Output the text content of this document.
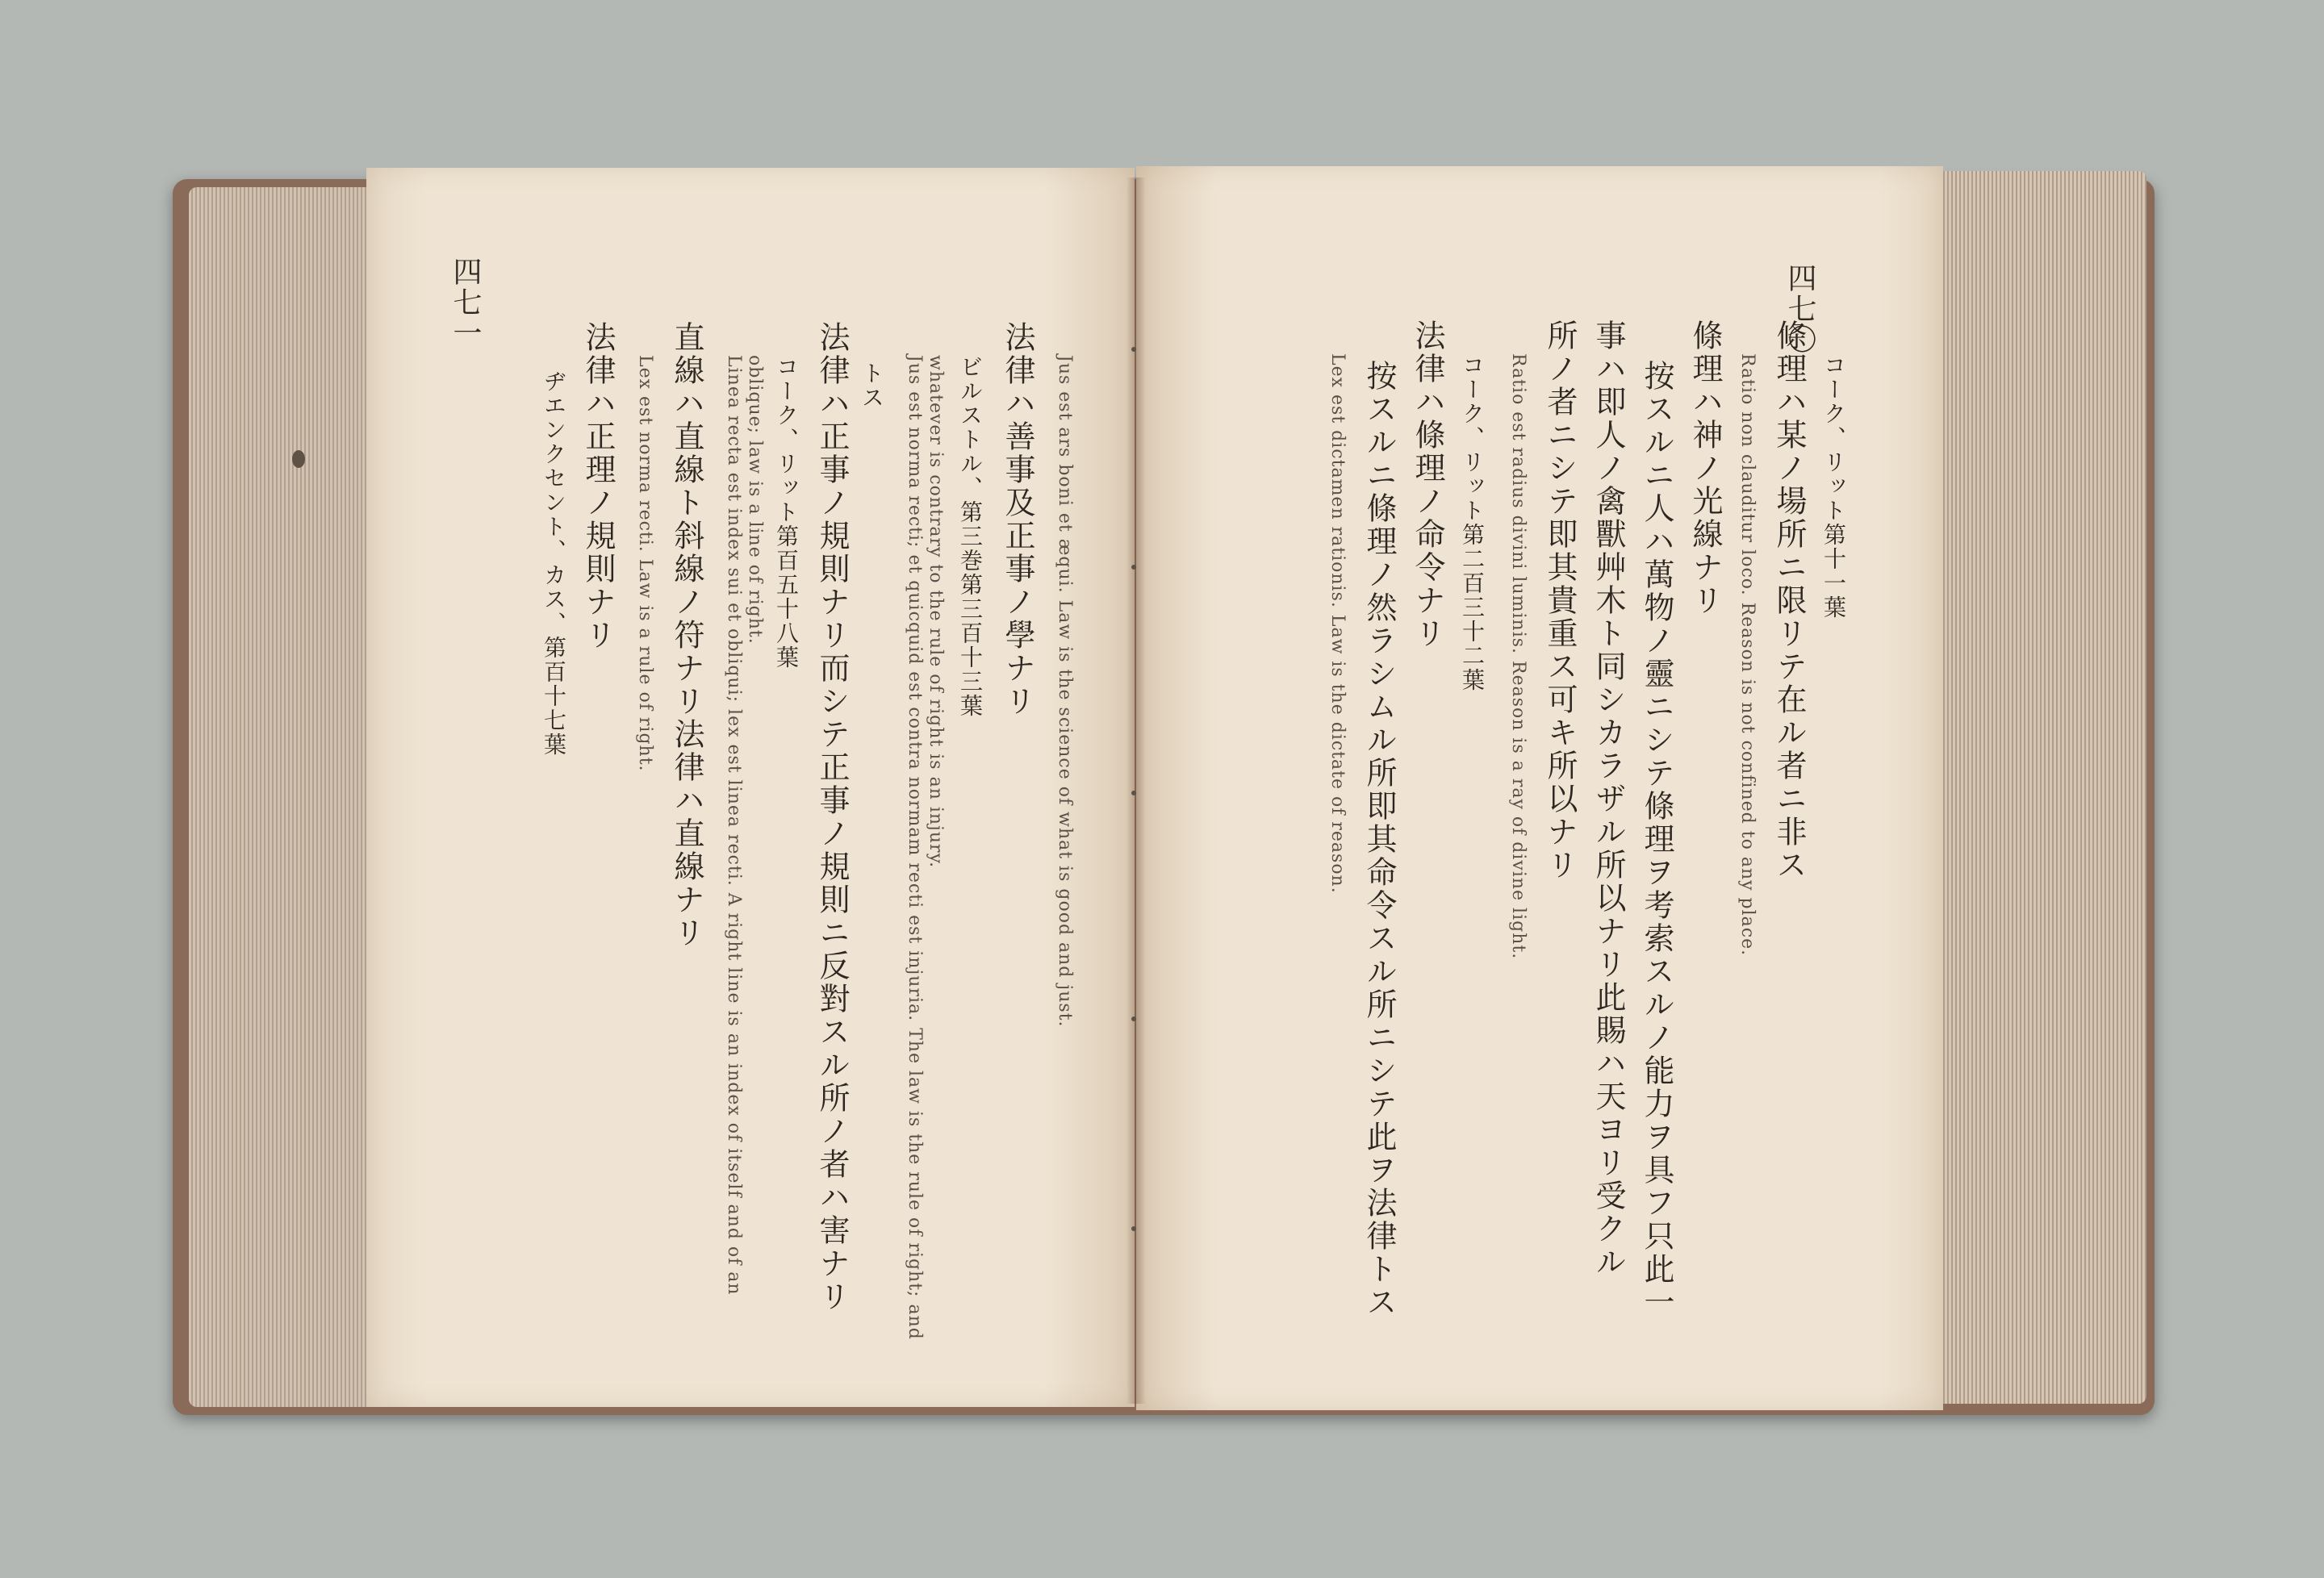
四七一
ヂエンクセント、カス、第百十七葉 法律ハ正理ノ規則ナリ Lex est norma recti. Law is a rule of right. 直線ハ直線ト斜線ノ符ナリ法律ハ直線ナリ Linea recta est index sui et obliqui; lex est linea recti. A right line is an index of itself and of an oblique; law is a line of right. コーク、リット第百五十八葉 法律ハ正事ノ規則ナリ而シテ正事ノ規則ニ反對スル所ノ者ハ害ナリ トス Jus est norma recti; et quicquid est contra normam recti est injuria. The law is the rule of right; and whatever is contrary to the rule of right is an injury. ビルストル、第三巻第三百十三葉 法律ハ善事及正事ノ學ナリ Jus est ars boni et æqui. Law is the science of what is good and just.
四七〇
コーク、リット第十一葉
條理ハ某ノ場所ニ限リテ在ル者ニ非ス
Ratio non clauditur loco. Reason is not confined to any place.
條理ハ神ノ光線ナリ
按スルニ人ハ萬物ノ靈ニシテ條理ヲ考索スルノ能力ヲ具フ只此一
事ハ即人ノ禽獸艸木ト同シカラザル所以ナリ此賜ハ天ヨリ受クル
所ノ者ニシテ即其貴重ス可キ所以ナリ
Ratio est radius divini luminis. Reason is a ray of divine light.
コーク、リット第二百三十二葉
法律ハ條理ノ命令ナリ
按スルニ條理ノ然ラシムル所即其命令スル所ニシテ此ヲ法律トス
Lex est dictamen rationis. Law is the dictate of reason.
